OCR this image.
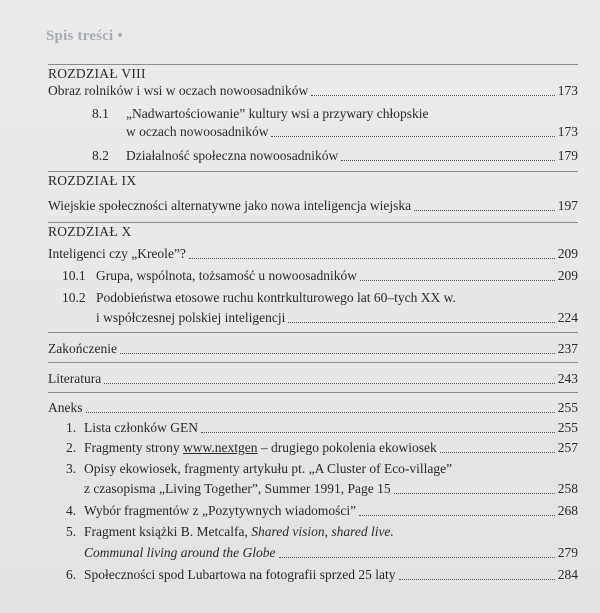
Spis treści •
ROZDZIAŁ VIII
Obraz rolników i wsi w oczach nowoosadników	173
8.1 „Nadwartościowanie” kultury wsi a przywary chłopskie
w oczach nowoosadników	173
8.2 Działalność społeczna nowoosadników	179
ROZDZIAŁ IX
Wiejskie społeczności alternatywne jako nowa inteligencja wiejska	197
ROZDZIAŁ X
Inteligenci czy „Kreole”?	209
10.1 Grupa, wspólnota, tożsamość u nowoosadników	209
10.2 Podobieństwa etosowe ruchu kontrkulturowego lat 60–tych XX w.
i współczesnej polskiej inteligencji	224
Zakończenie	237
Literatura	243
Aneks	255
1. Lista członków GEN	255
2. Fragmenty strony www.nextgen – drugiego pokolenia ekowiosek	257
3. Opisy ekowiosek, fragmenty artykułu pt. „A Cluster of Eco-village”
z czasopisma „Living Together”, Summer 1991, Page 15	258
4. Wybór fragmentów z „Pozytywnych wiadomości”	268
5. Fragment książki B. Metcalfa, Shared vision, shared live.
Communal living around the Globe	279
6. Społeczności spod Lubartowa na fotografii sprzed 25 laty	284
